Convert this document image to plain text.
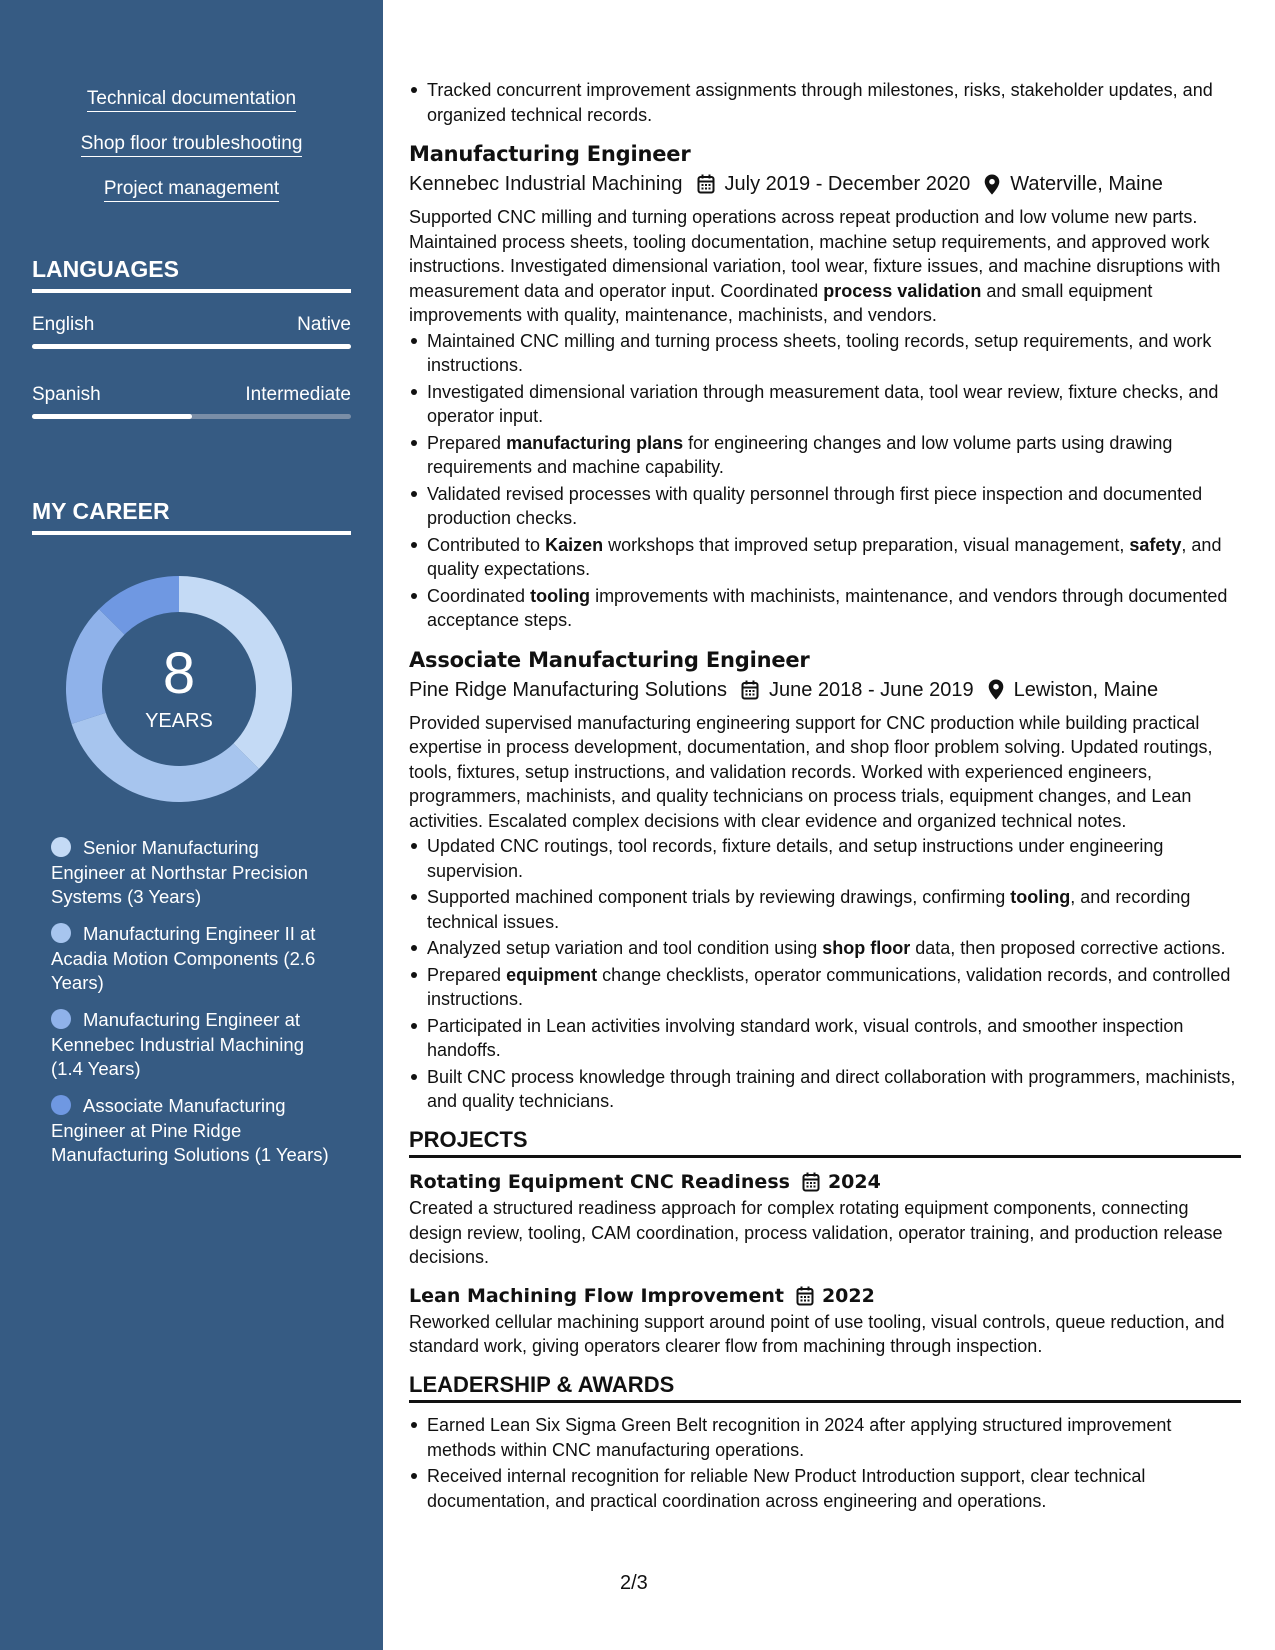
Technical documentation
Shop floor troubleshooting
Project management
LANGUAGES
English	Native
Spanish	Intermediate
MY CAREER
8
YEARS
Senior Manufacturing Engineer at Northstar Precision Systems (3 Years)
Manufacturing Engineer II at Acadia Motion Components (2.6 Years)
Manufacturing Engineer at Kennebec Industrial Machining (1.4 Years)
Associate Manufacturing Engineer at Pine Ridge Manufacturing Solutions (1 Years)
Tracked concurrent improvement assignments through milestones, risks, stakeholder updates, and organized technical records.
Manufacturing Engineer
Kennebec Industrial Machining July 2019 - December 2020 Waterville, Maine
Supported CNC milling and turning operations across repeat production and low volume new parts. Maintained process sheets, tooling documentation, machine setup requirements, and approved work instructions. Investigated dimensional variation, tool wear, fixture issues, and machine disruptions with measurement data and operator input. Coordinated process validation and small equipment improvements with quality, maintenance, machinists, and vendors.
Maintained CNC milling and turning process sheets, tooling records, setup requirements, and work instructions.
Investigated dimensional variation through measurement data, tool wear review, fixture checks, and operator input.
Prepared manufacturing plans for engineering changes and low volume parts using drawing requirements and machine capability.
Validated revised processes with quality personnel through first piece inspection and documented production checks.
Contributed to Kaizen workshops that improved setup preparation, visual management, safety, and quality expectations.
Coordinated tooling improvements with machinists, maintenance, and vendors through documented acceptance steps.
Associate Manufacturing Engineer
Pine Ridge Manufacturing Solutions June 2018 - June 2019 Lewiston, Maine
Provided supervised manufacturing engineering support for CNC production while building practical expertise in process development, documentation, and shop floor problem solving. Updated routings, tools, fixtures, setup instructions, and validation records. Worked with experienced engineers, programmers, machinists, and quality technicians on process trials, equipment changes, and Lean activities. Escalated complex decisions with clear evidence and organized technical notes.
Updated CNC routings, tool records, fixture details, and setup instructions under engineering supervision.
Supported machined component trials by reviewing drawings, confirming tooling, and recording technical issues.
Analyzed setup variation and tool condition using shop floor data, then proposed corrective actions.
Prepared equipment change checklists, operator communications, validation records, and controlled instructions.
Participated in Lean activities involving standard work, visual controls, and smoother inspection handoffs.
Built CNC process knowledge through training and direct collaboration with programmers, machinists, and quality technicians.
PROJECTS
Rotating Equipment CNC Readiness 2024
Created a structured readiness approach for complex rotating equipment components, connecting design review, tooling, CAM coordination, process validation, operator training, and production release decisions.
Lean Machining Flow Improvement 2022
Reworked cellular machining support around point of use tooling, visual controls, queue reduction, and standard work, giving operators clearer flow from machining through inspection.
LEADERSHIP & AWARDS
Earned Lean Six Sigma Green Belt recognition in 2024 after applying structured improvement methods within CNC manufacturing operations.
Received internal recognition for reliable New Product Introduction support, clear technical documentation, and practical coordination across engineering and operations.
2/3
